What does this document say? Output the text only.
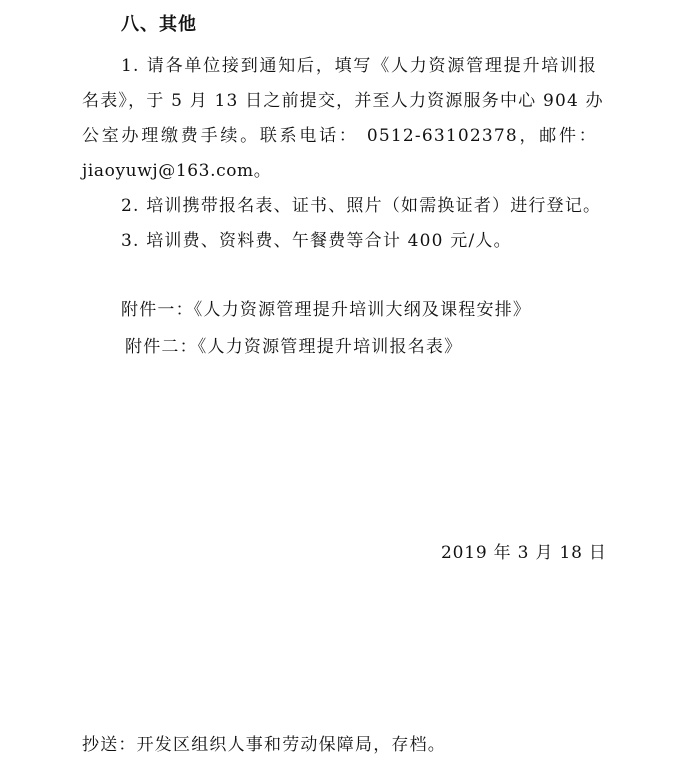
八、其他
1. 请各单位接到通知后，填写《人力资源管理提升培训报
名表》，于 5 月 13 日之前提交，并至人力资源服务中心 904 办
公室办理缴费手续。联系电话： 0512-63102378，邮件：
jiaoyuwj@163.com。
2. 培训携带报名表、证书、照片（如需换证者）进行登记。
3. 培训费、资料费、午餐费等合计 400 元/人。
附件一：《人力资源管理提升培训大纲及课程安排》
附件二：《人力资源管理提升培训报名表》
2019 年 3 月 18 日
抄送：开发区组织人事和劳动保障局，存档。
